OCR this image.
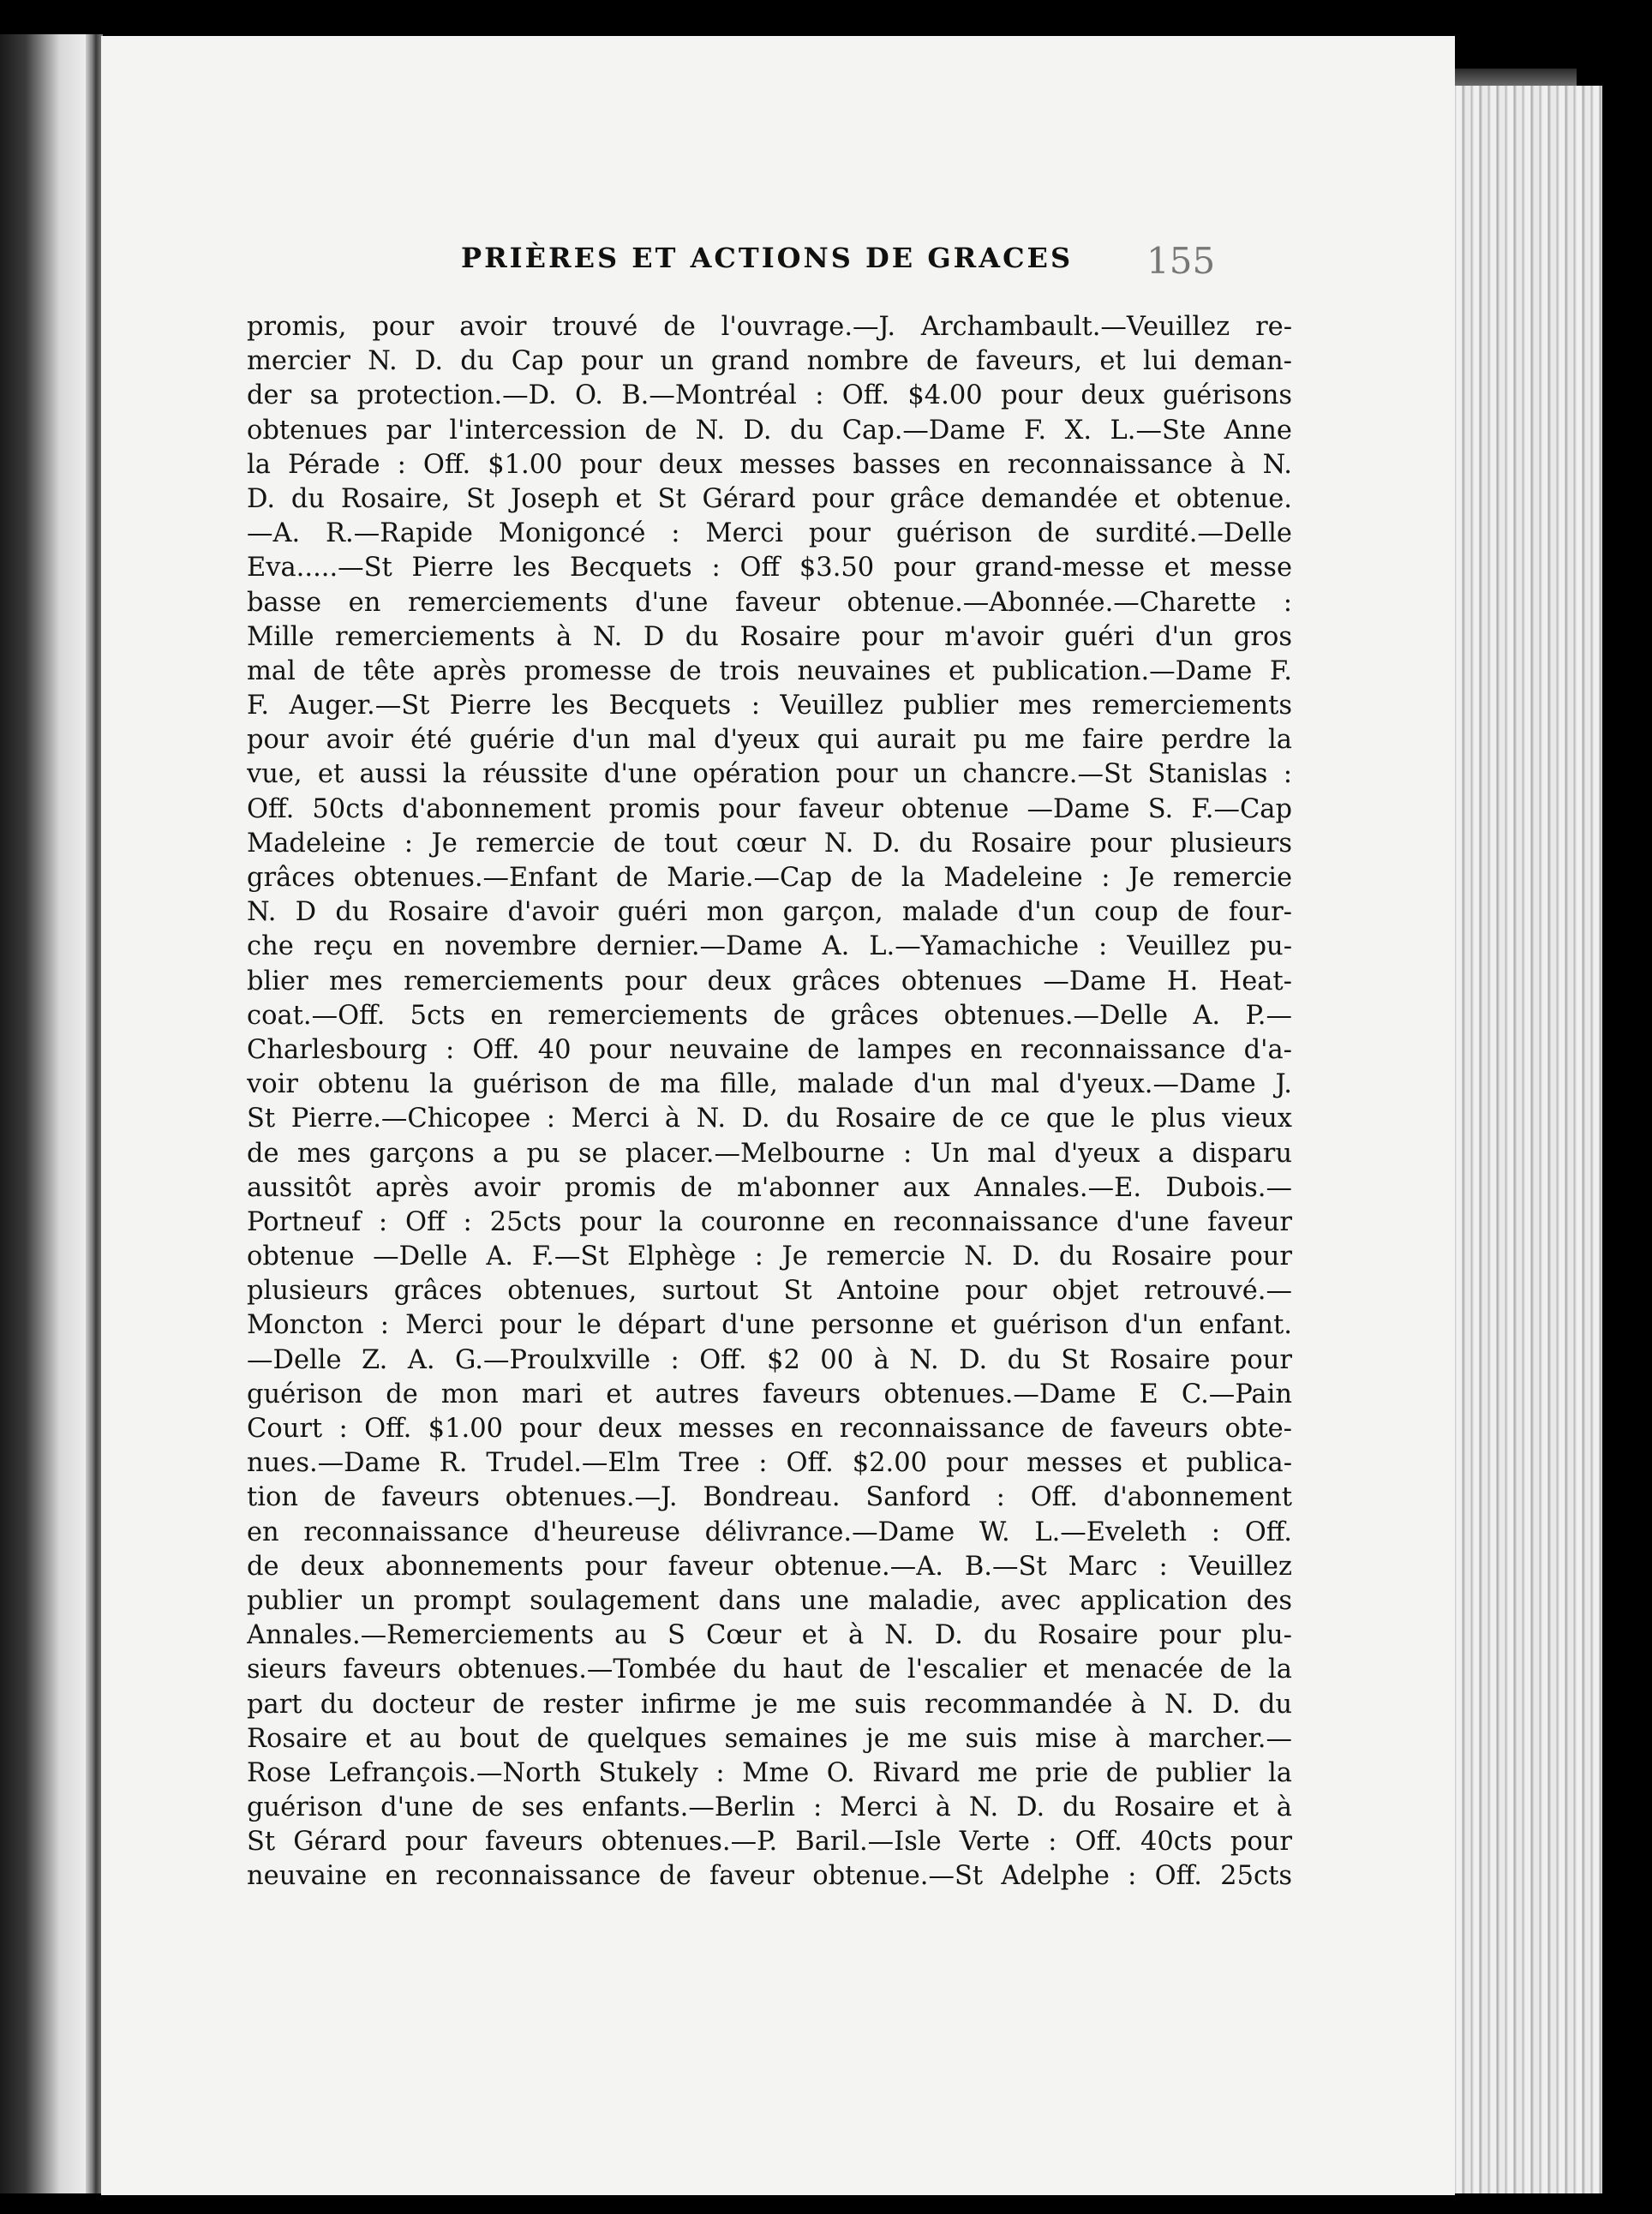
PRIÈRES ET ACTIONS DE GRACES 155
promis, pour avoir trouvé de l'ouvrage.—J. Archambault.—Veuillez re-
mercier N. D. du Cap pour un grand nombre de faveurs, et lui deman-
der sa protection.—D. O. B.—Montréal : Off. $4.00 pour deux guérisons
obtenues par l'intercession de N. D. du Cap.—Dame F. X. L.—Ste Anne
la Pérade : Off. $1.00 pour deux messes basses en reconnaissance à N.
D. du Rosaire, St Joseph et St Gérard pour grâce demandée et obtenue.
—A. R.—Rapide Monigoncé : Merci pour guérison de surdité.—Delle
Eva.....—St Pierre les Becquets : Off $3.50 pour grand-messe et messe
basse en remerciements d'une faveur obtenue.—Abonnée.—Charette :
Mille remerciements à N. D du Rosaire pour m'avoir guéri d'un gros
mal de tête après promesse de trois neuvaines et publication.—Dame F.
F. Auger.—St Pierre les Becquets : Veuillez publier mes remerciements
pour avoir été guérie d'un mal d'yeux qui aurait pu me faire perdre la
vue, et aussi la réussite d'une opération pour un chancre.—St Stanislas :
Off. 50cts d'abonnement promis pour faveur obtenue —Dame S. F.—Cap
Madeleine : Je remercie de tout cœur N. D. du Rosaire pour plusieurs
grâces obtenues.—Enfant de Marie.—Cap de la Madeleine : Je remercie
N. D du Rosaire d'avoir guéri mon garçon, malade d'un coup de four-
che reçu en novembre dernier.—Dame A. L.—Yamachiche : Veuillez pu-
blier mes remerciements pour deux grâces obtenues —Dame H. Heat-
coat.—Off. 5cts en remerciements de grâces obtenues.—Delle A. P.—
Charlesbourg : Off. 40 pour neuvaine de lampes en reconnaissance d'a-
voir obtenu la guérison de ma fille, malade d'un mal d'yeux.—Dame J.
St Pierre.—Chicopee : Merci à N. D. du Rosaire de ce que le plus vieux
de mes garçons a pu se placer.—Melbourne : Un mal d'yeux a disparu
aussitôt après avoir promis de m'abonner aux Annales.—E. Dubois.—
Portneuf : Off : 25cts pour la couronne en reconnaissance d'une faveur
obtenue —Delle A. F.—St Elphège : Je remercie N. D. du Rosaire pour
plusieurs grâces obtenues, surtout St Antoine pour objet retrouvé.—
Moncton : Merci pour le départ d'une personne et guérison d'un enfant.
—Delle Z. A. G.—Proulxville : Off. $2 00 à N. D. du St Rosaire pour
guérison de mon mari et autres faveurs obtenues.—Dame E C.—Pain
Court : Off. $1.00 pour deux messes en reconnaissance de faveurs obte-
nues.—Dame R. Trudel.—Elm Tree : Off. $2.00 pour messes et publica-
tion de faveurs obtenues.—J. Bondreau. Sanford : Off. d'abonnement
en reconnaissance d'heureuse délivrance.—Dame W. L.—Eveleth : Off.
de deux abonnements pour faveur obtenue.—A. B.—St Marc : Veuillez
publier un prompt soulagement dans une maladie, avec application des
Annales.—Remerciements au S Cœur et à N. D. du Rosaire pour plu-
sieurs faveurs obtenues.—Tombée du haut de l'escalier et menacée de la
part du docteur de rester infirme je me suis recommandée à N. D. du
Rosaire et au bout de quelques semaines je me suis mise à marcher.—
Rose Lefrançois.—North Stukely : Mme O. Rivard me prie de publier la
guérison d'une de ses enfants.—Berlin : Merci à N. D. du Rosaire et à
St Gérard pour faveurs obtenues.—P. Baril.—Isle Verte : Off. 40cts pour
neuvaine en reconnaissance de faveur obtenue.—St Adelphe : Off. 25cts
